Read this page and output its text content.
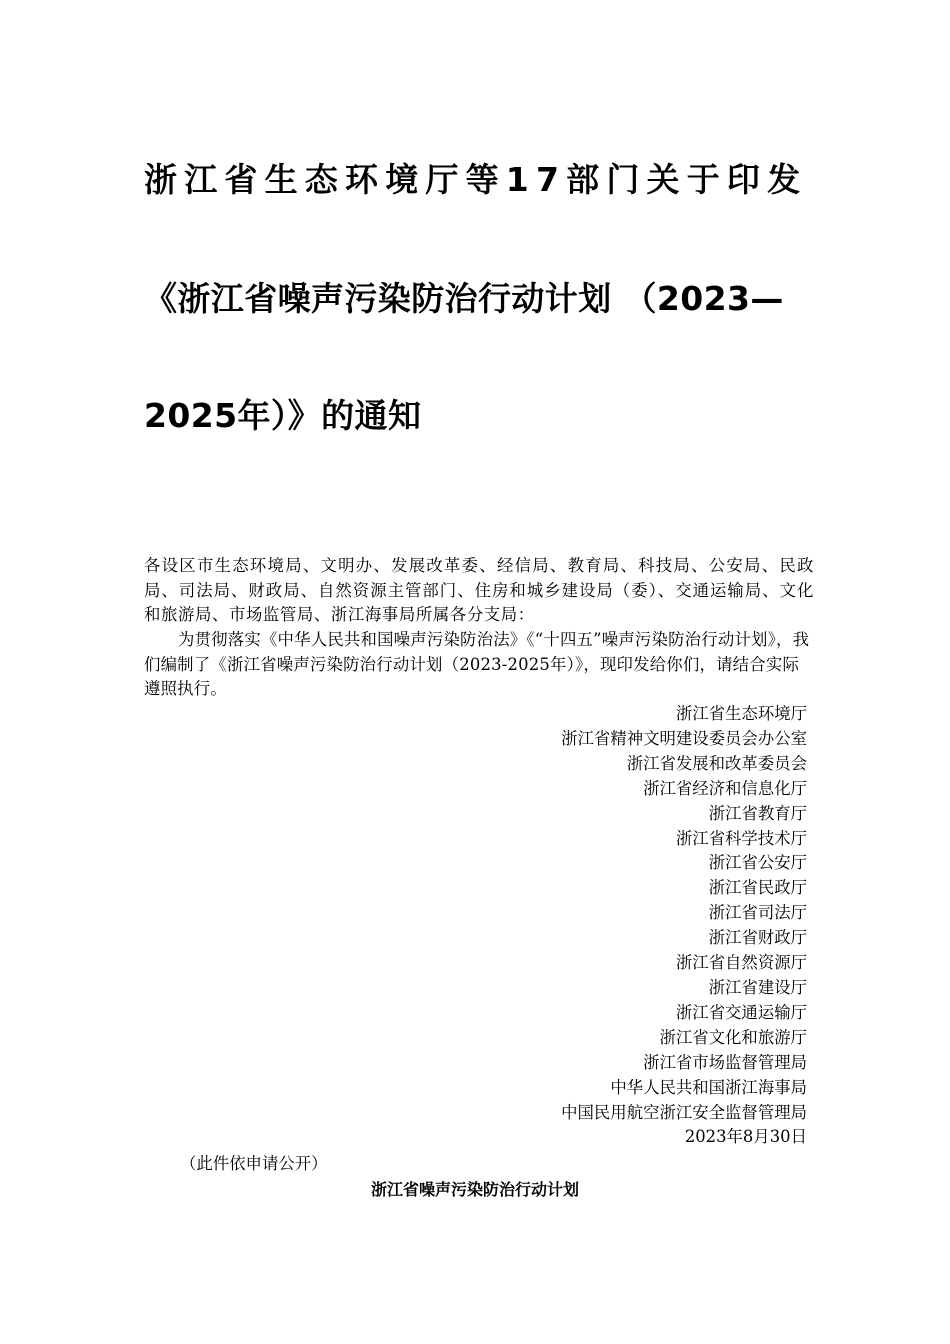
浙江省生态环境厅等17部门关于印发
《浙江省噪声污染防治行动计划 （2023—
2025年）》的通知
各设区市生态环境局、文明办、发展改革委、经信局、教育局、科技局、公安局、民政局、司法局、财政局、自然资源主管部门、住房和城乡建设局（委）、交通运输局、文化和旅游局、市场监管局、浙江海事局所属各分支局：
为贯彻落实《中华人民共和国噪声污染防治法》《“十四五”噪声污染防治行动计划》，我们编制了《浙江省噪声污染防治行动计划（2023-2025年）》，现印发给你们，请结合实际遵照执行。
浙江省生态环境厅
浙江省精神文明建设委员会办公室
浙江省发展和改革委员会
浙江省经济和信息化厅
浙江省教育厅
浙江省科学技术厅
浙江省公安厅
浙江省民政厅
浙江省司法厅
浙江省财政厅
浙江省自然资源厅
浙江省建设厅
浙江省交通运输厅
浙江省文化和旅游厅
浙江省市场监督管理局
中华人民共和国浙江海事局
中国民用航空浙江安全监督管理局
2023年8月30日
（此件依申请公开）
浙江省噪声污染防治行动计划
